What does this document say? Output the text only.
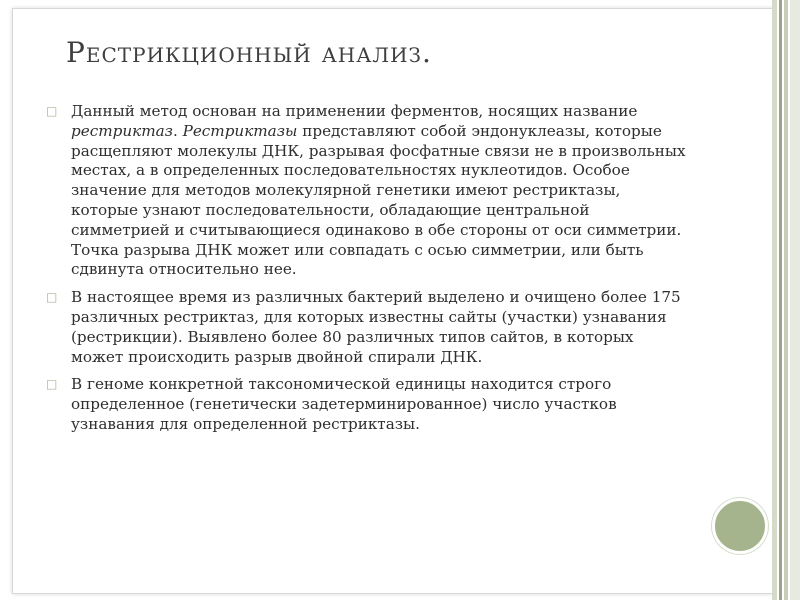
Рестрикционный анализ.
□ Данный метод основан на применении ферментов, носящих название рестриктаз. Рестриктазы представляют собой эндонуклеазы, которые расщепляют молекулы ДНК, разрывая фосфатные связи не в произвольных местах, а в определенных последовательностях нуклеотидов. Особое значение для методов молекулярной генетики имеют рестриктазы, которые узнают последовательности, обладающие центральной симметрией и считывающиеся одинаково в обе стороны от оси симметрии. Точка разрыва ДНК может или совпадать с осью симметрии, или быть сдвинута относительно нее.
□ В настоящее время из различных бактерий выделено и очищено более 175 различных рестриктаз, для которых известны сайты (участки) узнавания (рестрикции). Выявлено более 80 различных типов сайтов, в которых может происходить разрыв двойной спирали ДНК.
□ В геноме конкретной таксономической единицы находится строго определенное (генетически задетерминированное) число участков узнавания для определенной рестриктазы.
